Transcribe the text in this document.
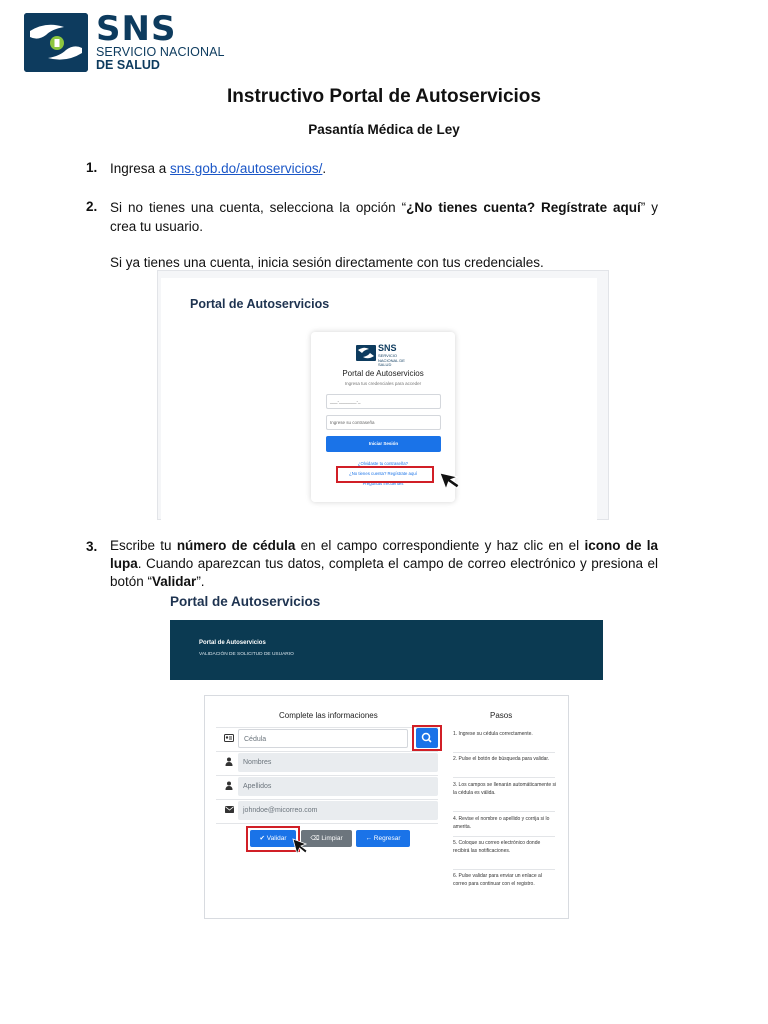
SNS
SERVICIO NACIONAL
DE SALUD
Instructivo Portal de Autoservicios
Pasantía Médica de Ley
1. Ingresa a sns.gob.do/autoservicios/.
2. Si no tienes una cuenta, selecciona la opción “¿No tienes cuenta? Regístrate aquí” y crea tu usuario.
Si ya tienes una cuenta, inicia sesión directamente con tus credenciales.
Portal de Autoservicios
SNS
SERVICIO NACIONAL DE SALUD
Portal de Autoservicios
Ingresa tus credenciales para acceder
___-_______-_
Ingrese su contraseña
Iniciar Sesión
¿Olvidaste tu contraseña?
¿No tienes cuenta? Regístrate aquí
Preguntas frecuentes
3. Escribe tu número de cédula en el campo correspondiente y haz clic en el icono de la lupa. Cuando aparezcan tus datos, completa el campo de correo electrónico y presiona el botón “Validar”.
Portal de Autoservicios
Portal de Autoservicios
VALIDACIÓN DE SOLICITUD DE USUARIO
Complete las informaciones	Pasos
Cédula
Nombres
Apellidos
johndoe@micorreo.com
✔ Validar	⌫ Limpiar	← Regresar
1. Ingrese su cédula correctamente.
2. Pulse el botón de búsqueda para validar.
3. Los campos se llenarán automáticamente si la cédula es válida.
4. Revise el nombre o apellido y corrija si lo amerita.
5. Coloque su correo electrónico donde recibirá las notificaciones.
6. Pulse validar para enviar un enlace al correo para continuar con el registro.
